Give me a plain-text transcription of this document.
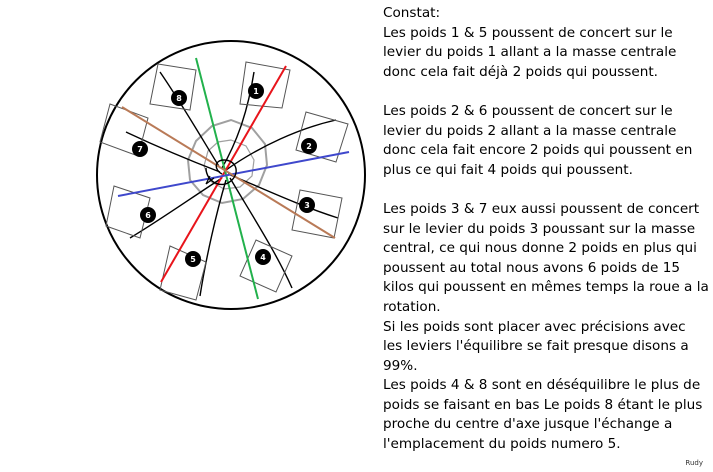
1
2
3
4
5
6
7
8

Constat:

Les poids 1 & 5 poussent de concert sur le levier du poids 1 allant a la masse centrale donc cela fait déjà 2 poids qui poussent.

Les poids 2 & 6 poussent de concert sur le levier du poids 2 allant a la masse centrale donc cela fait encore 2 poids qui poussent en plus ce qui fait 4 poids qui poussent.

Les poids 3 & 7 eux aussi poussent de concert sur le levier du poids 3 poussant sur la masse central, ce qui nous donne 2 poids en plus qui poussent au total nous avons 6 poids de 15 kilos qui poussent en mêmes temps la roue a la rotation.

Si les poids sont placer avec précisions avec les leviers l'équilibre se fait presque disons a 99%.

Les poids 4 & 8 sont en déséquilibre le plus de poids se faisant en bas Le poids 8 étant le plus proche du centre d'axe jusque l'échange a l'emplacement du poids numero 5.

Rudy
